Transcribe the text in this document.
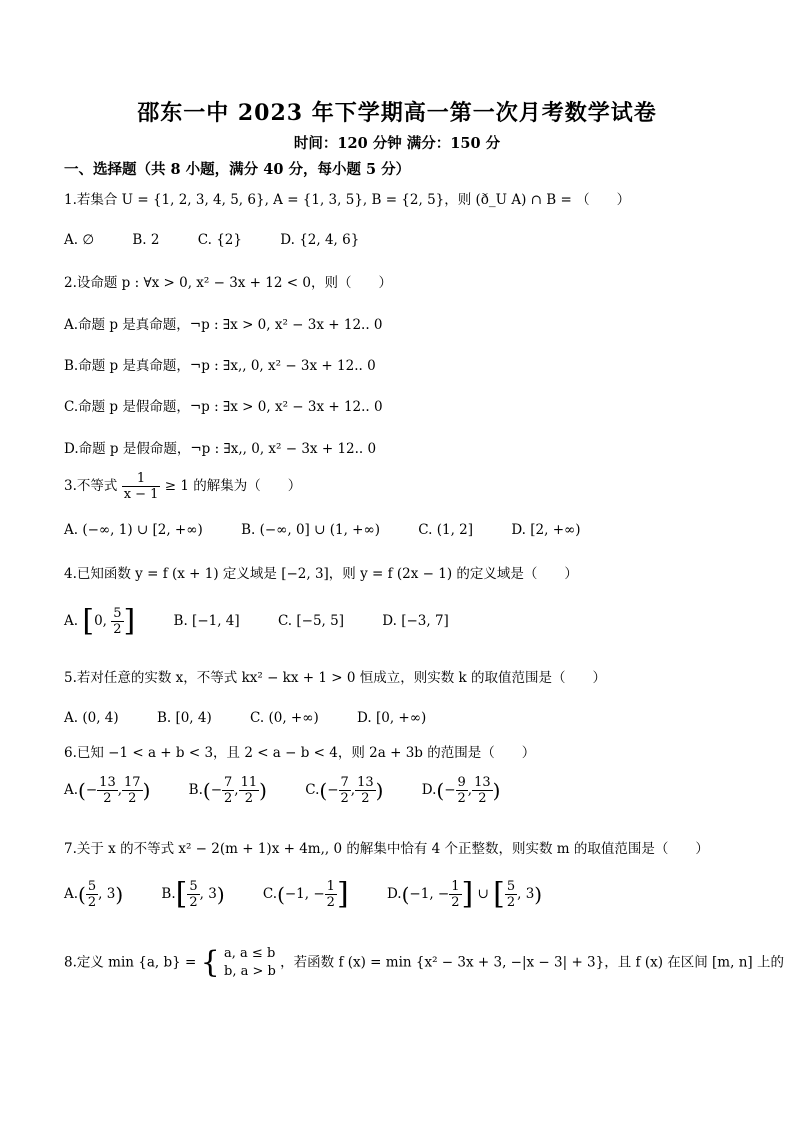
邵东一中 2023 年下学期高一第一次月考数学试卷
时间：120 分钟 满分：150 分
一、选择题（共 8 小题，满分 40 分，每小题 5 分）
1.若集合 U = {1, 2, 3, 4, 5, 6}, A = {1, 3, 5}, B = {2, 5}，则 (ð_U A) ∩ B = （　　）
A. ∅	B. 2	C. {2}	D. {2, 4, 6}
2.设命题 p : ∀x > 0, x² − 3x + 12 < 0，则（　　）
A.命题 p 是真命题，¬p : ∃x > 0, x² − 3x + 12.. 0
B.命题 p 是真命题，¬p : ∃x,, 0, x² − 3x + 12.. 0
C.命题 p 是假命题，¬p : ∃x > 0, x² − 3x + 12.. 0
D.命题 p 是假命题，¬p : ∃x,, 0, x² − 3x + 12.. 0
3.不等式 $\frac{1}{x - 1} \ge 1$ 的解集为（　　）
A. (−∞, 1) ∪ [2, +∞)	B. (−∞, 0] ∪ (1, +∞)	C. (1, 2]	D. [2, +∞)
4.已知函数 y = f (x + 1) 定义域是 [−2, 3]，则 y = f (2x − 1) 的定义域是（　　）
A. [0, $\frac{5}{2}$ ]	B. [−1, 4]	C. [−5, 5]	D. [−3, 7]
5.若对任意的实数 x，不等式 kx² − kx + 1 > 0 恒成立，则实数 k 的取值范围是（　　）
A. (0, 4)	B. [0, 4)	C. (0, +∞)	D. [0, +∞)
6.已知 −1 < a + b < 3，且 2 < a − b < 4，则 2a + 3b 的范围是（　　）
$A.(- \frac{13}{2}$ , $\frac{17}{2}$ )	$B.(- \frac{7}{2}$ , $\frac{11}{2}$ )	$C.(- \frac{7}{2}$ , $\frac{13}{2}$ )	$D.(- \frac{9}{2}$ , $\frac{13}{2}$ )
7.关于 x 的不等式 x² − 2(m + 1)x + 4m,, 0 的解集中恰有 4 个正整数，则实数 m 的取值范围是（　　）
$A.( \frac{5}{2}$ , 3)	$B.[ \frac{5}{2}$ , 3)	C.(−1, − $\frac{1}{2}$ ]	D.(−1, − $\frac{1}{2}$ ] ∪ [ $\frac{5}{2}$ , 3)
8.定义 min {a, b} = { a, a ≤ b
b, a > b
，若函数 f (x) = min {x² − 3x + 3, −|x − 3| + 3}，且 f (x) 在区间 [m, n] 上的
